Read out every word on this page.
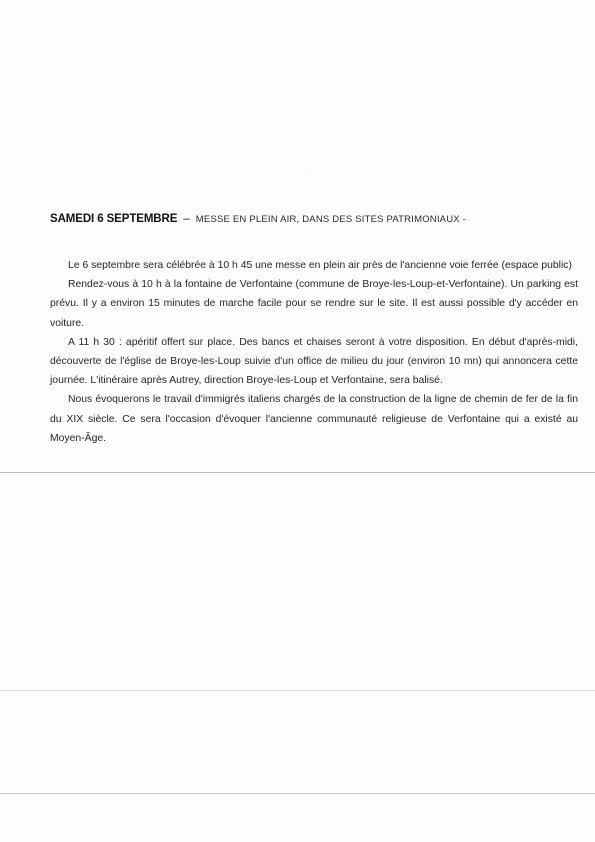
·
SAMEDI 6 SEPTEMBRE – MESSE EN PLEIN AIR, DANS DES SITES PATRIMONIAUX -

Le 6 septembre sera célébrée à 10 h 45 une messe en plein air près de l'ancienne voie ferrée (espace public)

Rendez-vous à 10 h à la fontaine de Verfontaine (commune de Broye-les-Loup-et-Verfontaine). Un parking est prévu. Il y a environ 15 minutes de marche facile pour se rendre sur le site. Il est aussi possible d'y accéder en voiture.

A 11 h 30 : apéritif offert sur place. Des bancs et chaises seront à votre disposition. En début d'après-midi, découverte de l'église de Broye-les-Loup suivie d'un office de milieu du jour (environ 10 mn) qui annoncera cette journée. L'itinéraire après Autrey, direction Broye-les-Loup et Verfontaine, sera balisé.

Nous évoquerons le travail d'immigrés italiens chargés de la construction de la ligne de chemin de fer de la fin du XIX siècle. Ce sera l'occasion d'évoquer l'ancienne communauté religieuse de Verfontaine qui a existé au Moyen-Âge.
